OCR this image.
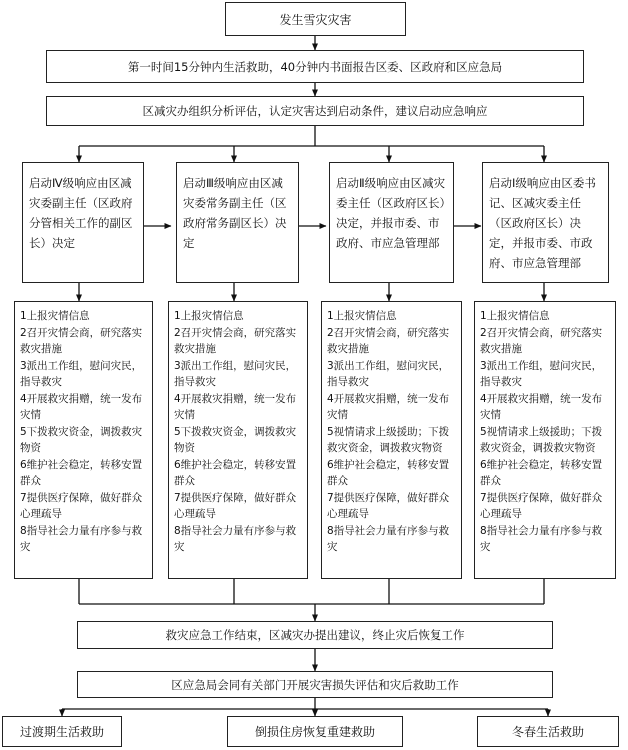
发生雪灾灾害
第一时间15分钟内生活救助，40分钟内书面报告区委、区政府和区应急局
区减灾办组织分析评估，认定灾害达到启动条件，建议启动应急响应
启动Ⅳ级响应由区减灾委副主任（区政府分管相关工作的副区长）决定
启动Ⅲ级响应由区减灾委常务副主任（区政府常务副区长）决定
启动Ⅱ级响应由区减灾委主任（区政府区长）决定，并报市委、市政府、市应急管理部
启动Ⅰ级响应由区委书记、区减灾委主任（区政府区长）决定，并报市委、市政府、市应急管理部
1上报灾情信息
2召开灾情会商，研究落实救灾措施
3派出工作组，慰问灾民，指导救灾
4开展救灾捐赠，统一发布灾情
5下拨救灾资金，调拨救灾物资
6维护社会稳定，转移安置群众
7提供医疗保障，做好群众心理疏导
8指导社会力量有序参与救灾
1上报灾情信息
2召开灾情会商，研究落实救灾措施
3派出工作组，慰问灾民，指导救灾
4开展救灾捐赠，统一发布灾情
5下拨救灾资金，调拨救灾物资
6维护社会稳定，转移安置群众
7提供医疗保障，做好群众心理疏导
8指导社会力量有序参与救灾
1上报灾情信息
2召开灾情会商，研究落实救灾措施
3派出工作组，慰问灾民，指导救灾
4开展救灾捐赠，统一发布灾情
5视情请求上级援助；下拨救灾资金，调拨救灾物资
6维护社会稳定，转移安置群众
7提供医疗保障，做好群众心理疏导
8指导社会力量有序参与救灾
1上报灾情信息
2召开灾情会商，研究落实救灾措施
3派出工作组，慰问灾民，指导救灾
4开展救灾捐赠，统一发布灾情
5视情请求上级援助；下拨救灾资金，调拨救灾物资
6维护社会稳定，转移安置群众
7提供医疗保障，做好群众心理疏导
8指导社会力量有序参与救灾
救灾应急工作结束，区减灾办提出建议，终止灾后恢复工作
区应急局会同有关部门开展灾害损失评估和灾后救助工作
过渡期生活救助	倒损住房恢复重建救助	冬春生活救助
